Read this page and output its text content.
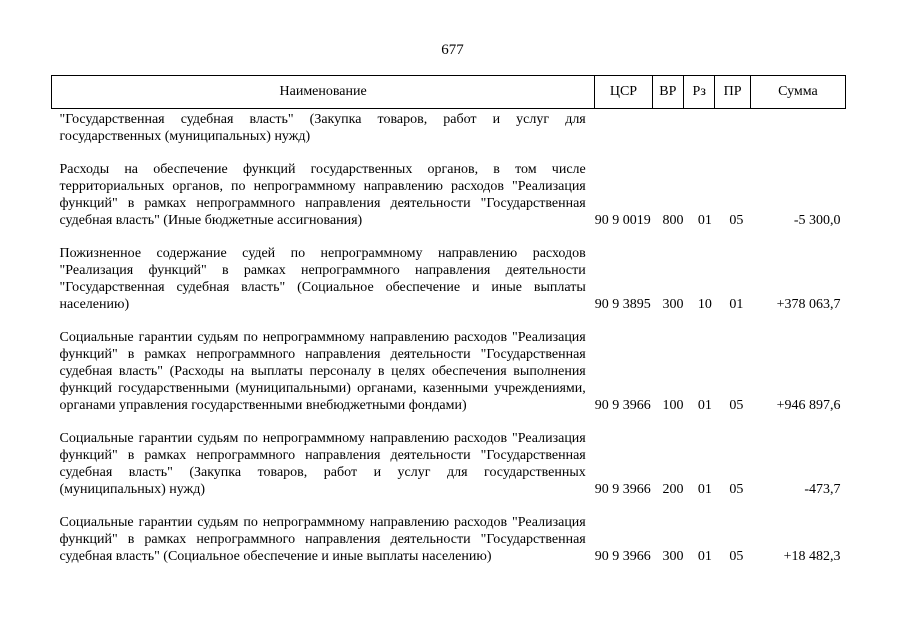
677
Наименование	ЦСР	ВР	Рз	ПР	Сумма
"Государственная судебная власть" (Закупка товаров, работ и услуг для государственных (муниципальных) нужд)					

Расходы на обеспечение функций государственных органов, в том числе территориальных органов, по непрограммному направлению расходов "Реализация функций" в рамках непрограммного направления деятельности "Государственная судебная власть" (Иные бюджетные ассигнования)	90 9 0019	800	01	05	-5 300,0

Пожизненное содержание судей по непрограммному направлению расходов "Реализация функций" в рамках непрограммного направления деятельности "Государственная судебная власть" (Социальное обеспечение и иные выплаты населению)	90 9 3895	300	10	01	+378 063,7

Социальные гарантии судьям по непрограммному направлению расходов "Реализация функций" в рамках непрограммного направления деятельности "Государственная судебная власть" (Расходы на выплаты персоналу в целях обеспечения выполнения функций государственными (муниципальными) органами, казенными учреждениями, органами управления государственными внебюджетными фондами)	90 9 3966	100	01	05	+946 897,6

Социальные гарантии судьям по непрограммному направлению расходов "Реализация функций" в рамках непрограммного направления деятельности "Государственная судебная власть" (Закупка товаров, работ и услуг для государственных (муниципальных) нужд)	90 9 3966	200	01	05	-473,7

Социальные гарантии судьям по непрограммному направлению расходов "Реализация функций" в рамках непрограммного направления деятельности "Государственная судебная власть" (Социальное обеспечение и иные выплаты населению)	90 9 3966	300	01	05	+18 482,3
